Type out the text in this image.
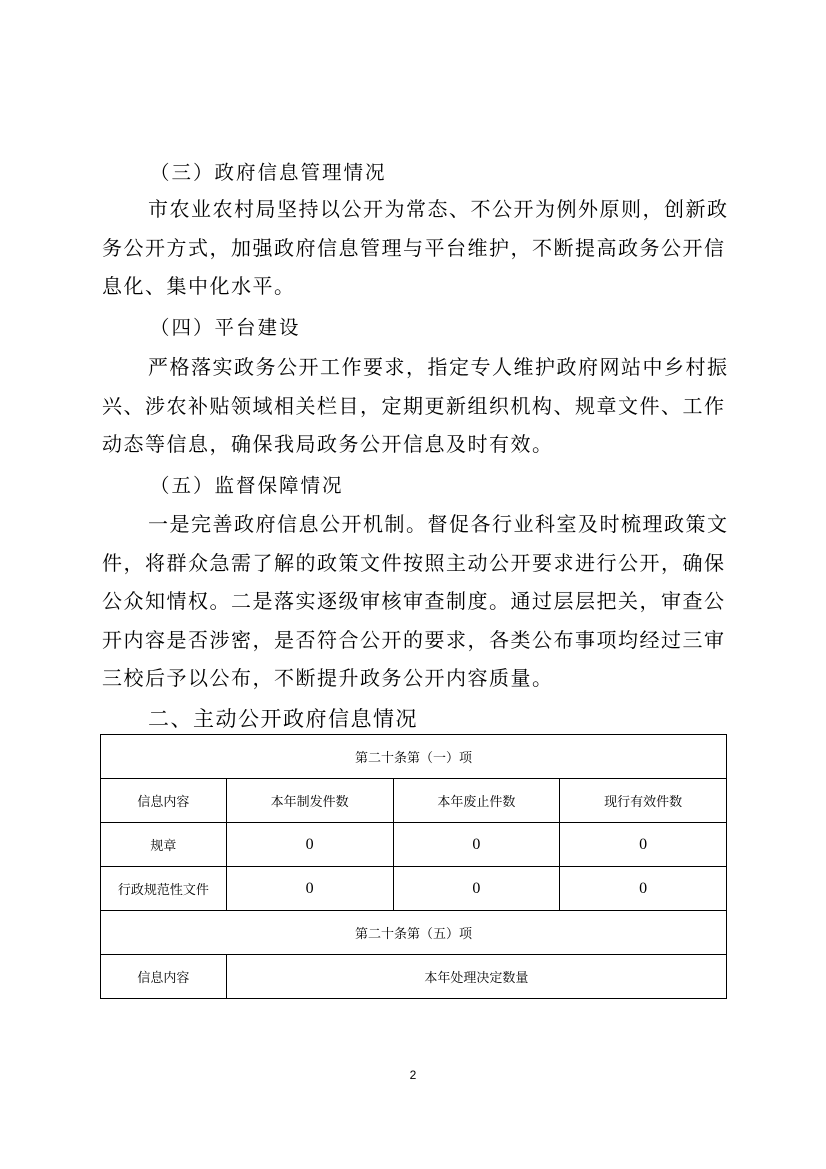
（三）政府信息管理情况

市农业农村局坚持以公开为常态、不公开为例外原则，创新政务公开方式，加强政府信息管理与平台维护，不断提高政务公开信息化、集中化水平。

（四）平台建设

严格落实政务公开工作要求，指定专人维护政府网站中乡村振兴、涉农补贴领域相关栏目，定期更新组织机构、规章文件、工作动态等信息，确保我局政务公开信息及时有效。

（五）监督保障情况

一是完善政府信息公开机制。督促各行业科室及时梳理政策文件，将群众急需了解的政策文件按照主动公开要求进行公开，确保公众知情权。二是落实逐级审核审查制度。通过层层把关，审查公开内容是否涉密，是否符合公开的要求，各类公布事项均经过三审三校后予以公布，不断提升政务公开内容质量。

二、主动公开政府信息情况
第二十条第（一）项			
信息内容	本年制发件数	本年废止件数	现行有效件数
规章	0	0	0
行政规范性文件	0	0	0
第二十条第（五）项			
信息内容	本年处理决定数量		
2
